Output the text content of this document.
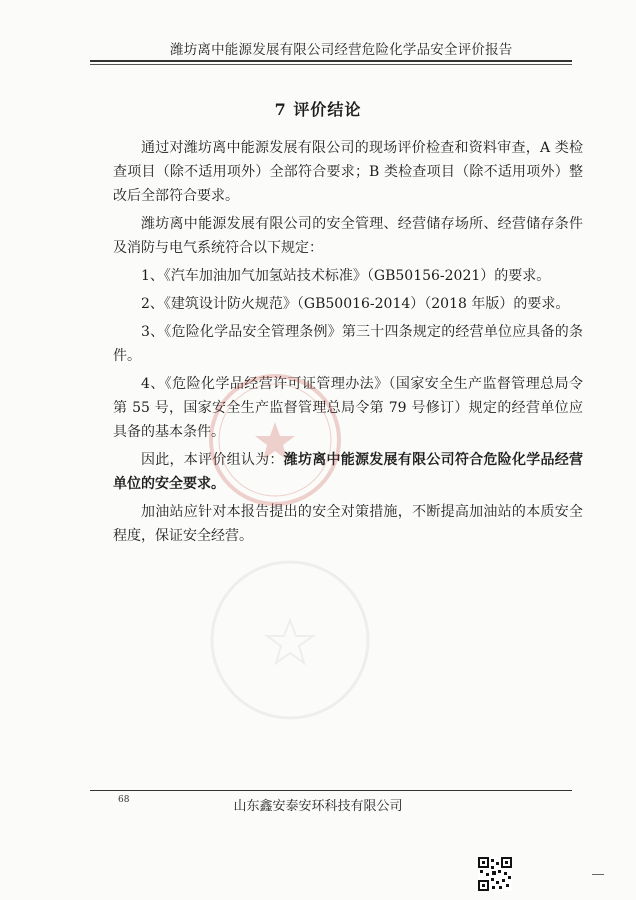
潍坊离中能源发展有限公司经营危险化学品安全评价报告
7 评价结论

通过对潍坊离中能源发展有限公司的现场评价检查和资料审查，A 类检查项目（除不适用项外）全部符合要求；B 类检查项目（除不适用项外）整改后全部符合要求。

潍坊离中能源发展有限公司的安全管理、经营储存场所、经营储存条件及消防与电气系统符合以下规定：

1、《汽车加油加气加氢站技术标准》（GB50156-2021）的要求。

2、《建筑设计防火规范》（GB50016-2014）（2018 年版）的要求。

3、《危险化学品安全管理条例》第三十四条规定的经营单位应具备的条件。

4、《危险化学品经营许可证管理办法》（国家安全生产监督管理总局令第 55 号，国家安全生产监督管理总局令第 79 号修订）规定的经营单位应具备的基本条件。

因此，本评价组认为：潍坊离中能源发展有限公司符合危险化学品经营单位的安全要求。

加油站应针对本报告提出的安全对策措施，不断提高加油站的本质安全程度，保证安全经营。

68	山东鑫安泰安环科技有限公司
